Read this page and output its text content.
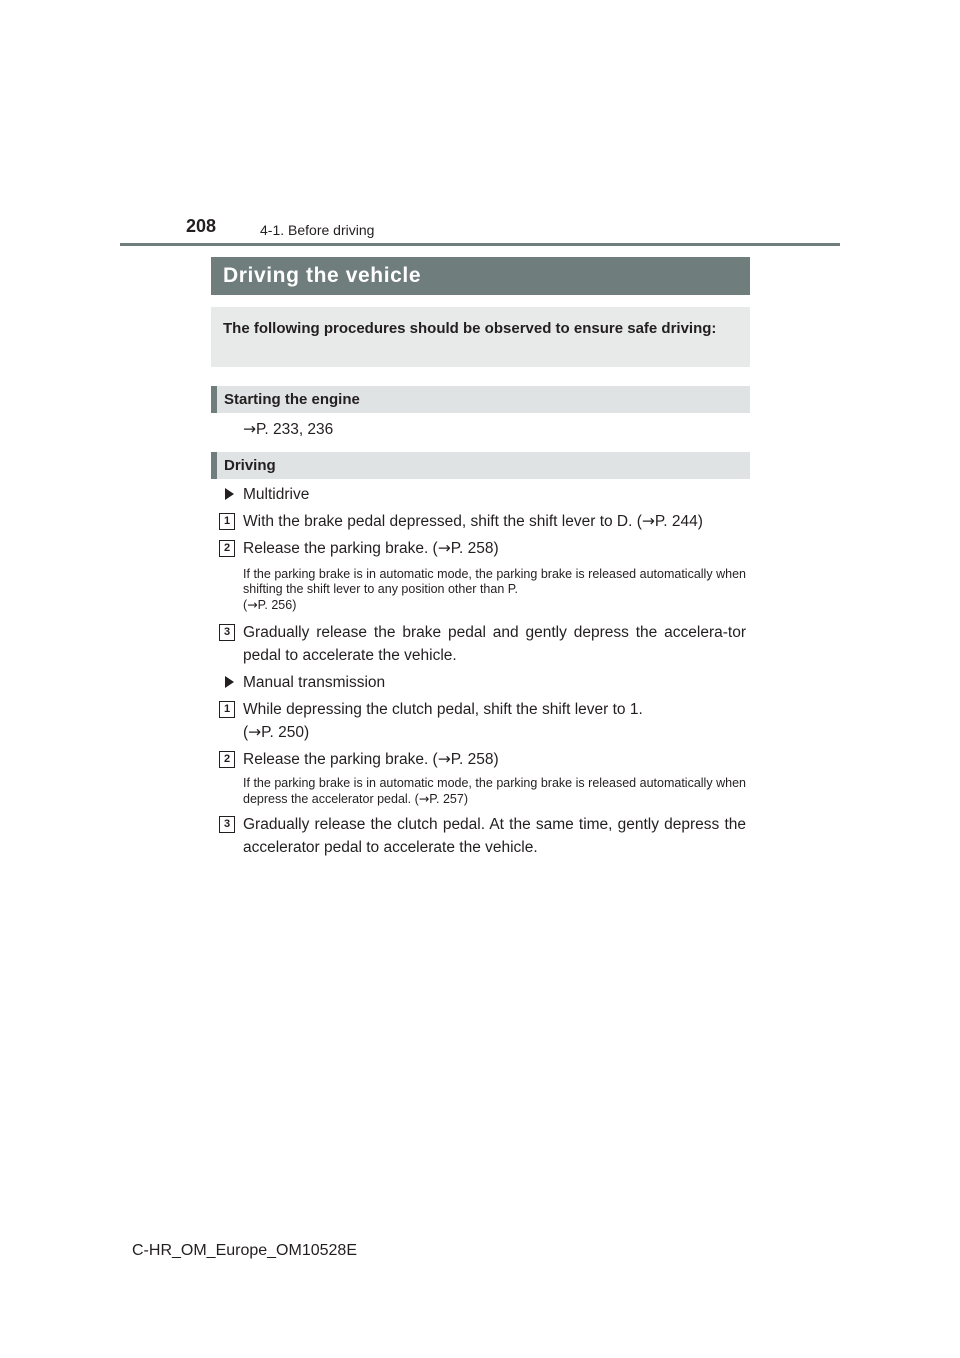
208	4-1. Before driving
Driving the vehicle
The following procedures should be observed to ensure safe driving:
Starting the engine
→P. 233, 236
Driving
Multidrive
1 With the brake pedal depressed, shift the shift lever to D. (→P. 244)
2 Release the parking brake. (→P. 258)
If the parking brake is in automatic mode, the parking brake is released automatically when shifting the shift lever to any position other than P.
(→P. 256)
3 Gradually release the brake pedal and gently depress the accelera-tor pedal to accelerate the vehicle.
Manual transmission
1 While depressing the clutch pedal, shift the shift lever to 1.
(→P. 250)
2 Release the parking brake. (→P. 258)
If the parking brake is in automatic mode, the parking brake is released automatically when depress the accelerator pedal. (→P. 257)
3 Gradually release the clutch pedal. At the same time, gently depress the accelerator pedal to accelerate the vehicle.
C-HR_OM_Europe_OM10528E
